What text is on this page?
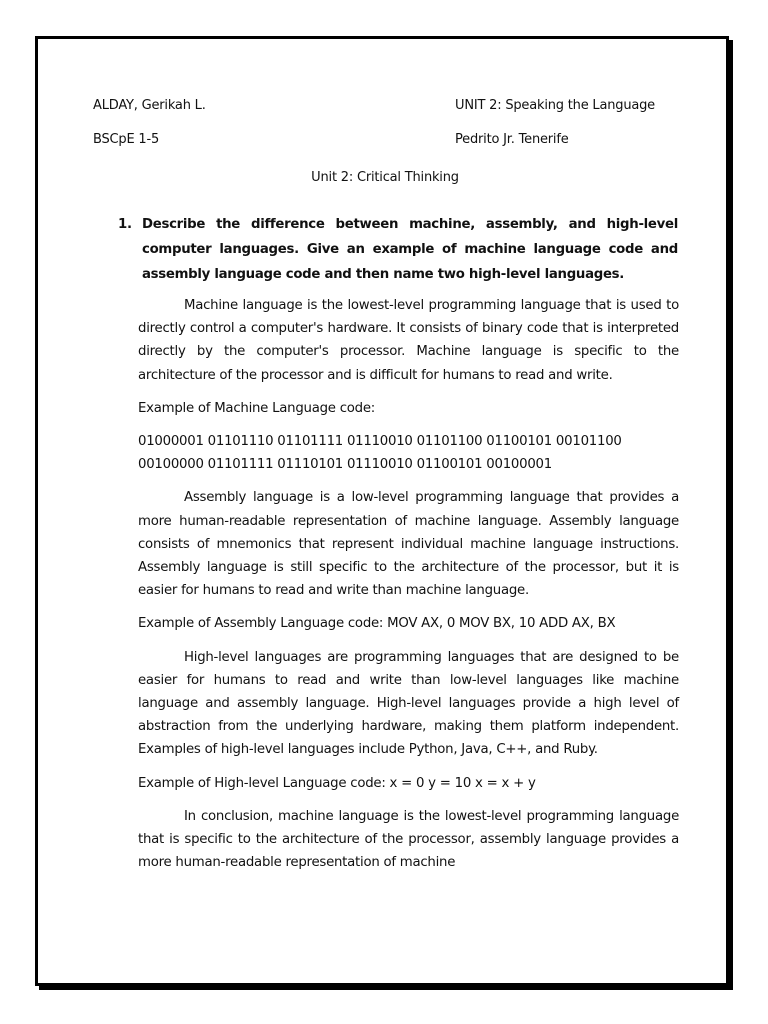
ALDAY, Gerikah L.	UNIT 2: Speaking the Language
BSCpE 1-5	Pedrito Jr. Tenerife
Unit 2: Critical Thinking
1. Describe the difference between machine, assembly, and high-level computer languages. Give an example of machine language code and assembly language code and then name two high-level languages.

Machine language is the lowest-level programming language that is used to directly control a computer's hardware. It consists of binary code that is interpreted directly by the computer's processor. Machine language is specific to the architecture of the processor and is difficult for humans to read and write.

Example of Machine Language code:

01000001 01101110 01101111 01110010 01101100 01100101 00101100 00100000 01101111 01110101 01110010 01100101 00100001

Assembly language is a low-level programming language that provides a more human-readable representation of machine language. Assembly language consists of mnemonics that represent individual machine language instructions. Assembly language is still specific to the architecture of the processor, but it is easier for humans to read and write than machine language.

Example of Assembly Language code: MOV AX, 0 MOV BX, 10 ADD AX, BX

High-level languages are programming languages that are designed to be easier for humans to read and write than low-level languages like machine language and assembly language. High-level languages provide a high level of abstraction from the underlying hardware, making them platform independent. Examples of high-level languages include Python, Java, C++, and Ruby.

Example of High-level Language code: x = 0 y = 10 x = x + y

In conclusion, machine language is the lowest-level programming language that is specific to the architecture of the processor, assembly language provides a more human-readable representation of machine
